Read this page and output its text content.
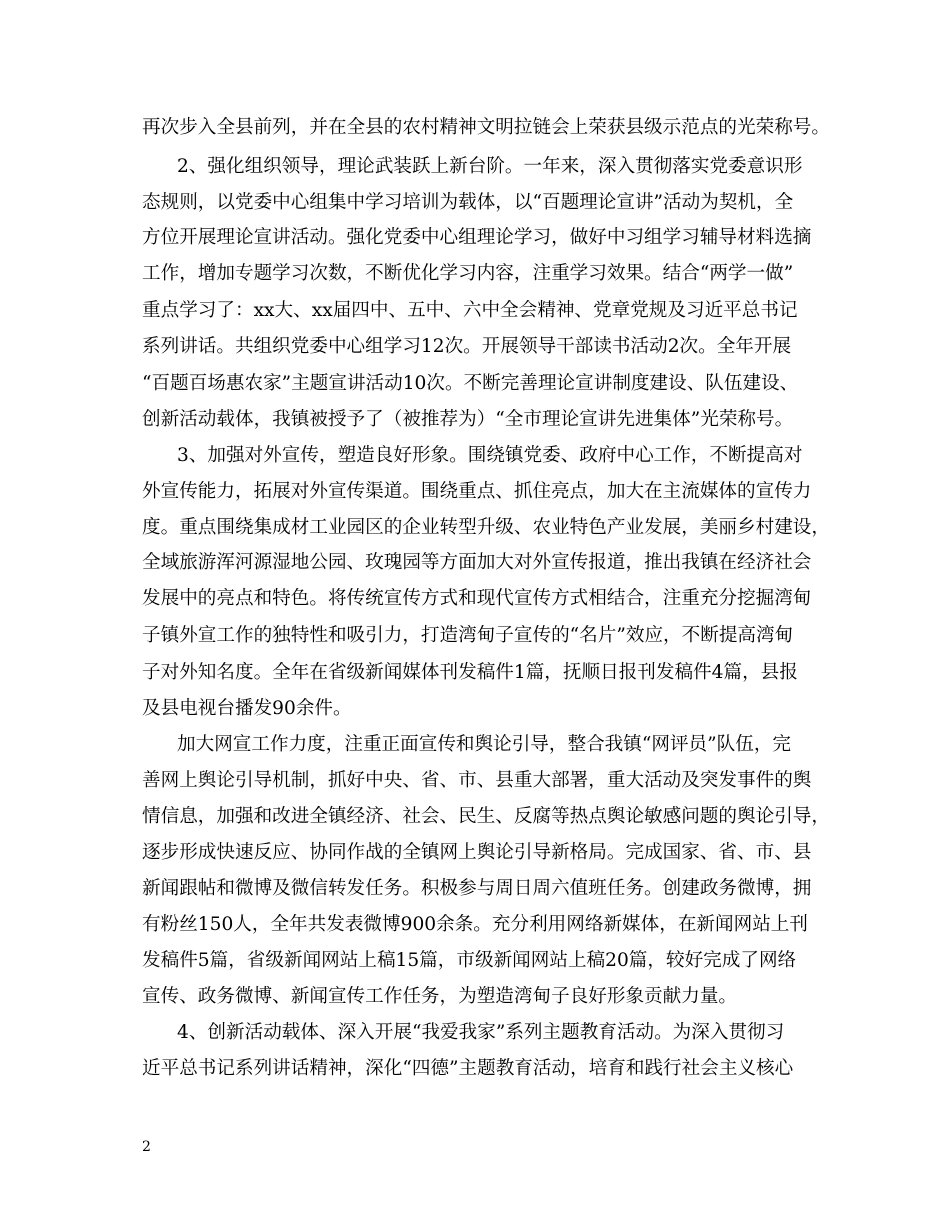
再次步入全县前列，并在全县的农村精神文明拉链会上荣获县级示范点的光荣称号。
2、强化组织领导，理论武装跃上新台阶。一年来，深入贯彻落实党委意识形
态规则，以党委中心组集中学习培训为载体，以“百题理论宣讲”活动为契机，全
方位开展理论宣讲活动。强化党委中心组理论学习，做好中习组学习辅导材料选摘
工作，增加专题学习次数，不断优化学习内容，注重学习效果。结合“两学一做”
重点学习了：xx大、xx届四中、五中、六中全会精神、党章党规及习近平总书记
系列讲话。共组织党委中心组学习12次。开展领导干部读书活动2次。全年开展
“百题百场惠农家”主题宣讲活动10次。不断完善理论宣讲制度建设、队伍建设、
创新活动载体，我镇被授予了（被推荐为）“全市理论宣讲先进集体”光荣称号。
3、加强对外宣传，塑造良好形象。围绕镇党委、政府中心工作，不断提高对
外宣传能力，拓展对外宣传渠道。围绕重点、抓住亮点，加大在主流媒体的宣传力
度。重点围绕集成材工业园区的企业转型升级、农业特色产业发展，美丽乡村建设，
全域旅游浑河源湿地公园、玫瑰园等方面加大对外宣传报道，推出我镇在经济社会
发展中的亮点和特色。将传统宣传方式和现代宣传方式相结合，注重充分挖掘湾甸
子镇外宣工作的独特性和吸引力，打造湾甸子宣传的“名片”效应，不断提高湾甸
子对外知名度。全年在省级新闻媒体刊发稿件1篇，抚顺日报刊发稿件4篇，县报
及县电视台播发90余件。
加大网宣工作力度，注重正面宣传和舆论引导，整合我镇“网评员”队伍，完
善网上舆论引导机制，抓好中央、省、市、县重大部署，重大活动及突发事件的舆
情信息，加强和改进全镇经济、社会、民生、反腐等热点舆论敏感问题的舆论引导，
逐步形成快速反应、协同作战的全镇网上舆论引导新格局。完成国家、省、市、县
新闻跟帖和微博及微信转发任务。积极参与周日周六值班任务。创建政务微博，拥
有粉丝150人，全年共发表微博900余条。充分利用网络新媒体，在新闻网站上刊
发稿件5篇，省级新闻网站上稿15篇，市级新闻网站上稿20篇，较好完成了网络
宣传、政务微博、新闻宣传工作任务，为塑造湾甸子良好形象贡献力量。
4、创新活动载体、深入开展“我爱我家”系列主题教育活动。为深入贯彻习
近平总书记系列讲话精神，深化“四德”主题教育活动，培育和践行社会主义核心
2
